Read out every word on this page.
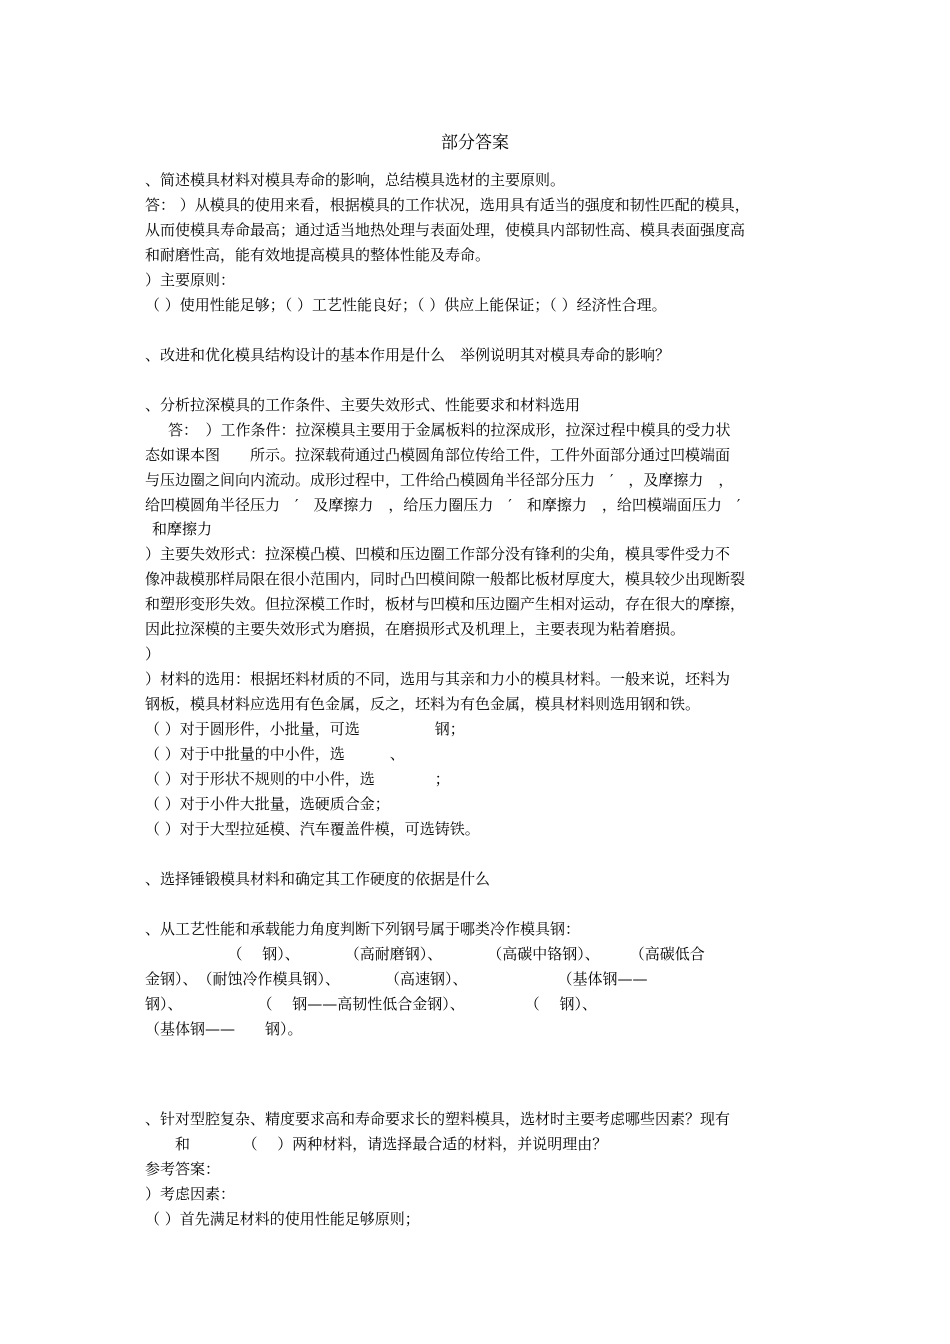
部分答案
、简述模具材料对模具寿命的影响，总结模具选材的主要原则。
答： ）从模具的使用来看，根据模具的工作状况，选用具有适当的强度和韧性匹配的模具，
从而使模具寿命最高；通过适当地热处理与表面处理，使模具内部韧性高、模具表面强度高
和耐磨性高，能有效地提高模具的整体性能及寿命。
）主要原则：
（ ）使用性能足够；（ ）工艺性能良好；（ ）供应上能保证；（ ）经济性合理。
、改进和优化模具结构设计的基本作用是什么　举例说明其对模具寿命的影响？
、分析拉深模具的工作条件、主要失效形式、性能要求和材料选用
答：　）工作条件：拉深模具主要用于金属板料的拉深成形，拉深过程中模具的受力状
态如课本图　　所示。拉深载荷通过凸模圆角部位传给工件，工件外面部分通过凹模端面
与压边圈之间向内流动。成形过程中，工件给凸模圆角半径部分压力　′　，及摩擦力　，
给凹模圆角半径压力　′　及摩擦力　，给压力圈压力　′　和摩擦力　，给凹模端面压力　′
和摩擦力
）主要失效形式：拉深模凸模、凹模和压边圈工作部分没有锋利的尖角，模具零件受力不
像冲裁模那样局限在很小范围内，同时凸凹模间隙一般都比板材厚度大，模具较少出现断裂
和塑形变形失效。但拉深模工作时，板材与凹模和压边圈产生相对运动，存在很大的摩擦，
因此拉深模的主要失效形式为磨损，在磨损形式及机理上，主要表现为粘着磨损。
）
）材料的选用：根据坯料材质的不同，选用与其亲和力小的模具材料。一般来说，坯料为
钢板，模具材料应选用有色金属，反之，坯料为有色金属，模具材料则选用钢和铁。
（ ）对于圆形件，小批量，可选　　　　　钢；
（ ）对于中批量的中小件，选　　　、
（ ）对于形状不规则的中小件，选　　　　；
（ ）对于小件大批量，选硬质合金；
（ ）对于大型拉延模、汽车覆盖件模，可选铸铁。
、选择锤锻模具材料和确定其工作硬度的依据是什么
、从工艺性能和承载能力角度判断下列钢号属于哪类冷作模具钢：
　　　　　　（　 钢）、　　　　（高耐磨钢）、　　　　（高碳中铬钢）、　　　（高碳低合
金钢）、　（耐蚀冷作模具钢）、　　　　（高速钢）、　　　　　　　（基体钢——
钢）、　　　　　　（　 钢——高韧性低合金钢）、　　　　　（　 钢）、
（基体钢——　　钢）。
、针对型腔复杂、精度要求高和寿命要求长的塑料模具，选材时主要考虑哪些因素？现有
　　和　　　　（　 ）两种材料，请选择最合适的材料，并说明理由？
参考答案：
）考虑因素：
（ ）首先满足材料的使用性能足够原则；
